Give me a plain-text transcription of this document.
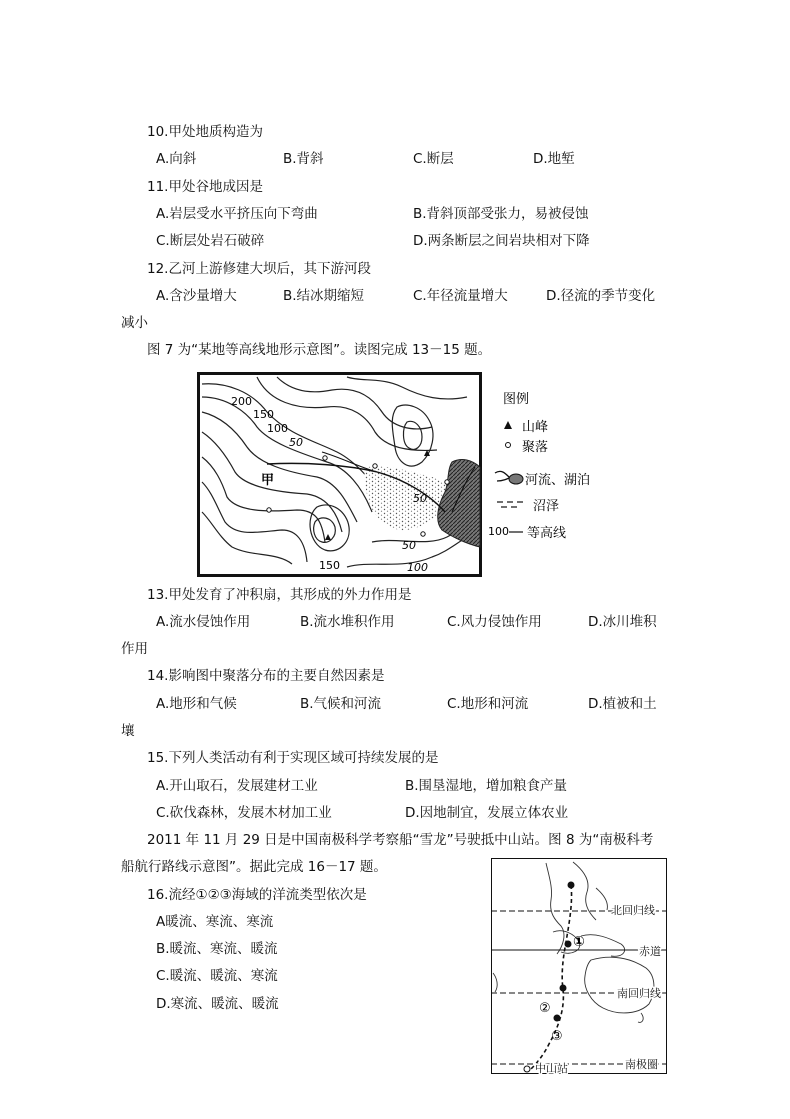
10.甲处地质构造为
A.向斜	B.背斜	C.断层	D.地堑
11.甲处谷地成因是
A.岩层受水平挤压向下弯曲	B.背斜顶部受张力，易被侵蚀
C.断层处岩石破碎	D.两条断层之间岩块相对下降
12.乙河上游修建大坝后，其下游河段
A.含沙量增大	B.结冰期缩短	C.年径流量增大	D.径流的季节变化
减小
图 7 为“某地等高线地形示意图”。读图完成 13－15 题。
200
150
100
50
50
50
100
150
甲
图例
山峰
聚落
河流、湖泊
沼泽
100 等高线
13.甲处发育了冲积扇，其形成的外力作用是
A.流水侵蚀作用	B.流水堆积作用	C.风力侵蚀作用	D.冰川堆积
作用
14.影响图中聚落分布的主要自然因素是
A.地形和气候	B.气候和河流	C.地形和河流	D.植被和土
壤
15.下列人类活动有利于实现区域可持续发展的是
A.开山取石，发展建材工业	B.围垦湿地，增加粮食产量
C.砍伐森林，发展木材加工业	D.因地制宜，发展立体农业
2011 年 11 月 29 日是中国南极科学考察船“雪龙”号驶抵中山站。图 8 为“南极科考
船航行路线示意图”。据此完成 16－17 题。
16.流经①②③海域的洋流类型依次是
A暖流、寒流、寒流
B.暖流、寒流、暖流
C.暖流、暖流、寒流
D.寒流、暖流、暖流
①
②
③
北回归线
赤道
南回归线
南极圈
中山站
